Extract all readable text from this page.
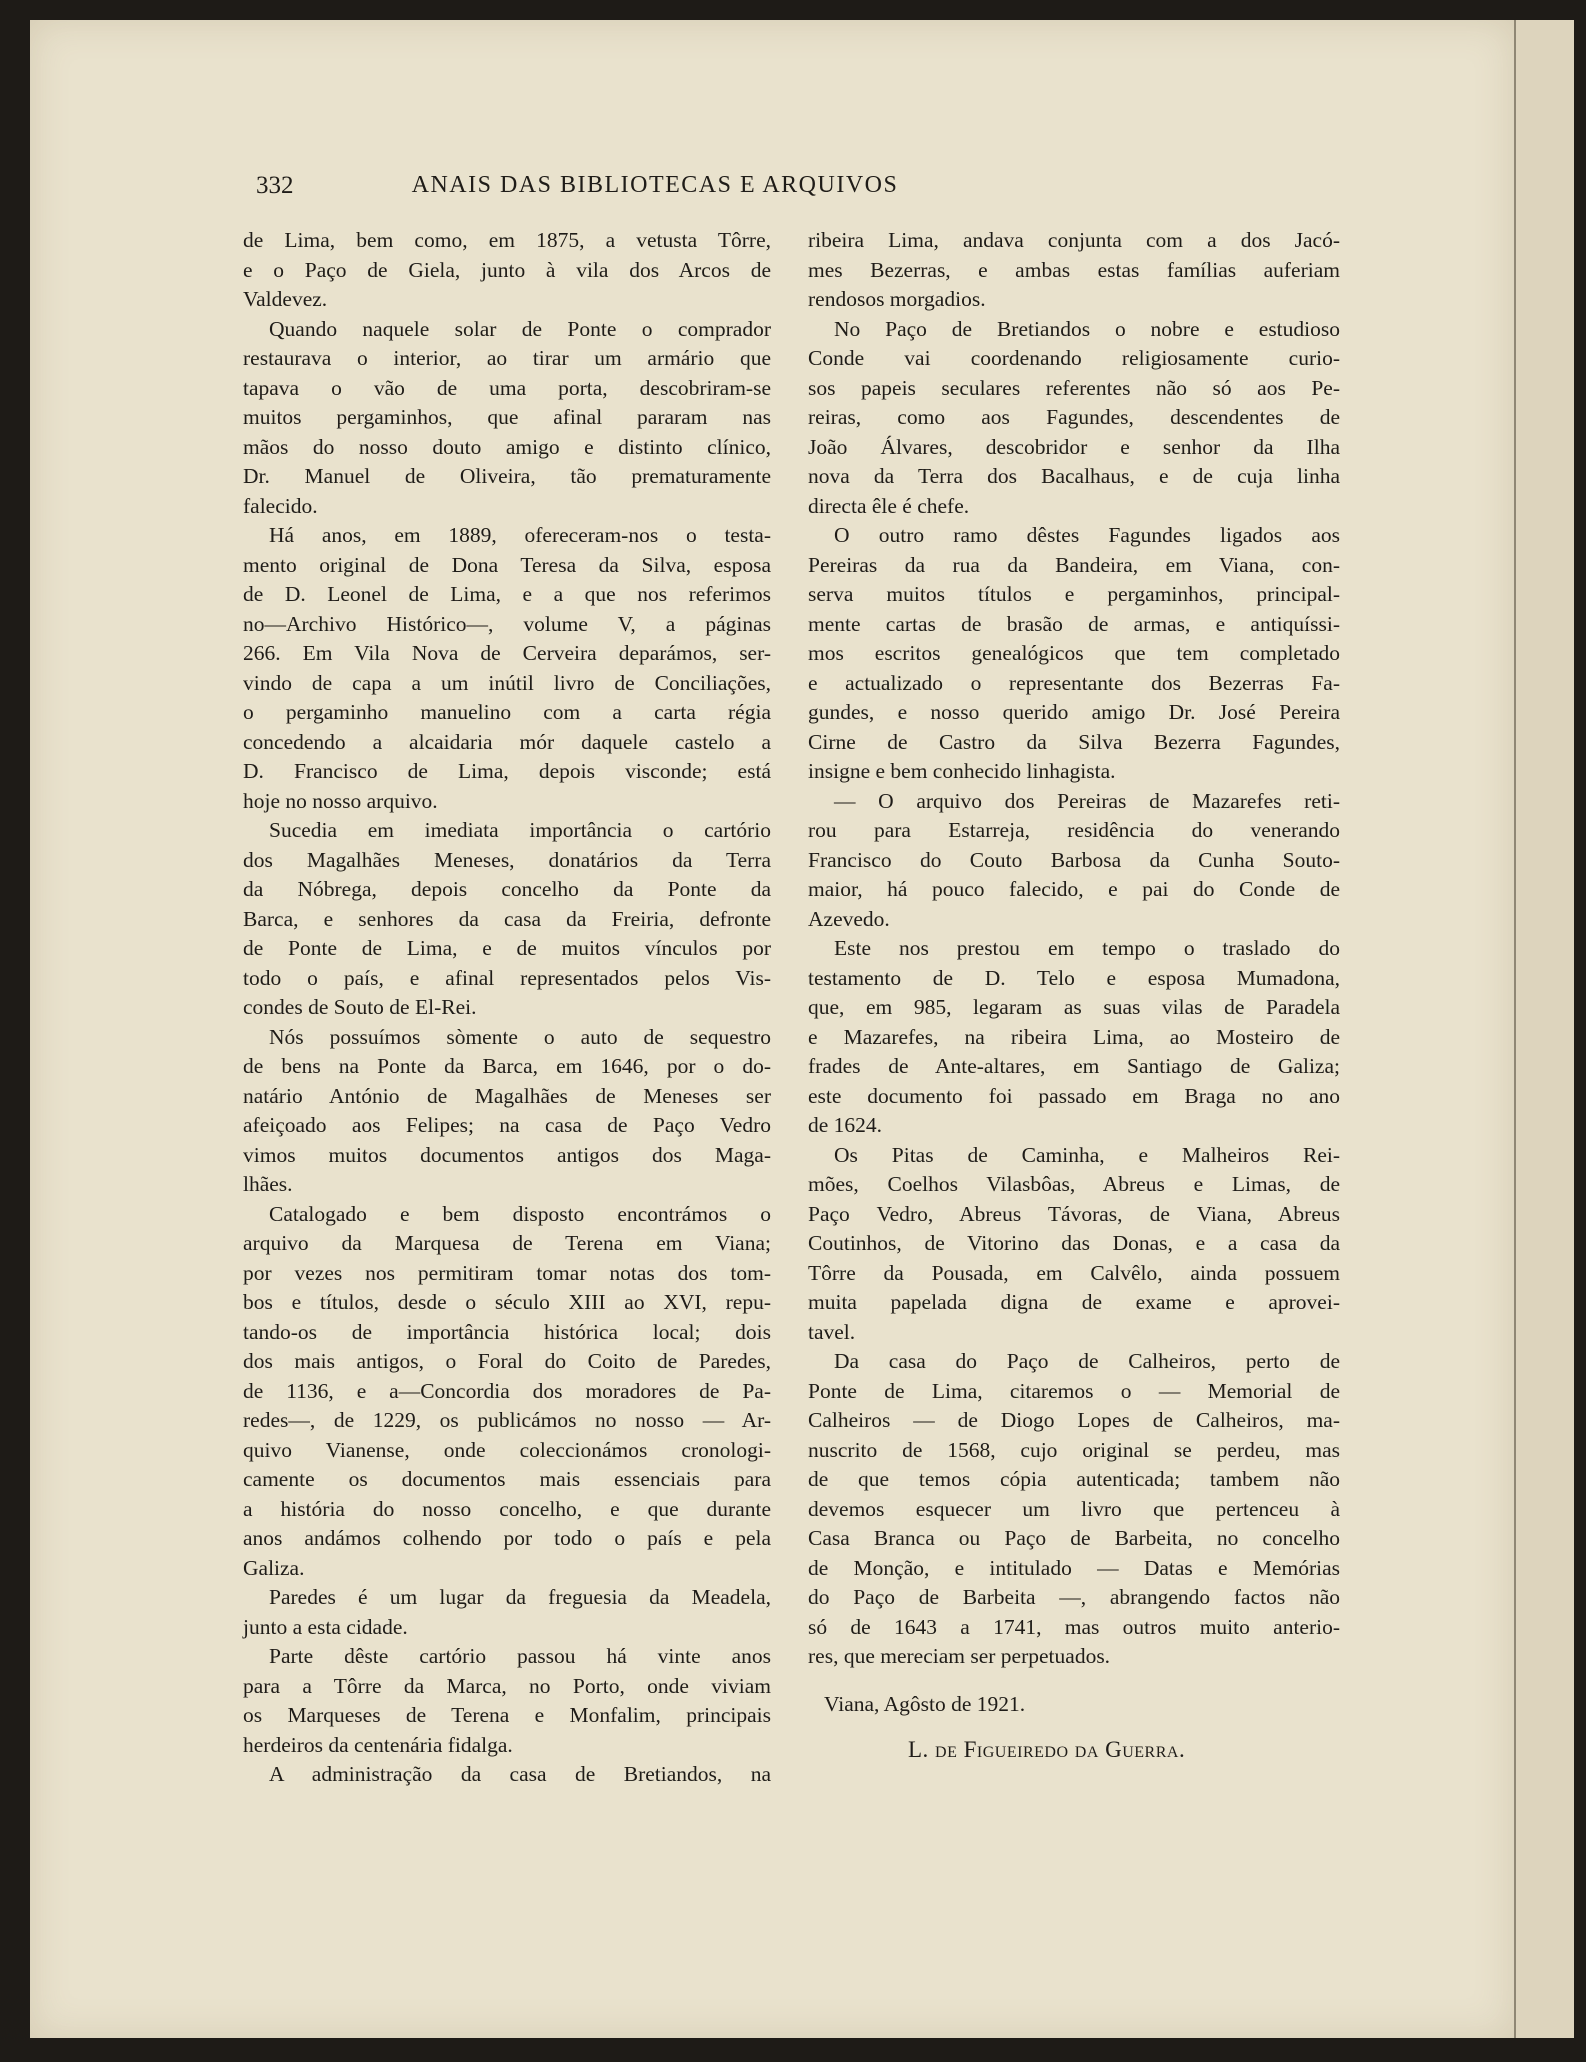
332	ANAIS DAS BIBLIOTECAS E ARQUIVOS
de Lima, bem como, em 1875, a vetusta Tôrre,
e o Paço de Giela, junto à vila dos Arcos de
Valdevez.
Quando naquele solar de Ponte o comprador
restaurava o interior, ao tirar um armário que
tapava o vão de uma porta, descobriram-se
muitos pergaminhos, que afinal pararam nas
mãos do nosso douto amigo e distinto clínico,
Dr. Manuel de Oliveira, tão prematuramente
falecido.
Há anos, em 1889, ofereceram-nos o testa-
mento original de Dona Teresa da Silva, esposa
de D. Leonel de Lima, e a que nos referimos
no—Archivo Histórico—, volume V, a páginas
266. Em Vila Nova de Cerveira deparámos, ser-
vindo de capa a um inútil livro de Conciliações,
o pergaminho manuelino com a carta régia
concedendo a alcaidaria mór daquele castelo a
D. Francisco de Lima, depois visconde; está
hoje no nosso arquivo.
Sucedia em imediata importância o cartório
dos Magalhães Meneses, donatários da Terra
da Nóbrega, depois concelho da Ponte da
Barca, e senhores da casa da Freiria, defronte
de Ponte de Lima, e de muitos vínculos por
todo o país, e afinal representados pelos Vis-
condes de Souto de El-Rei.
Nós possuímos sòmente o auto de sequestro
de bens na Ponte da Barca, em 1646, por o do-
natário António de Magalhães de Meneses ser
afeiçoado aos Felipes; na casa de Paço Vedro
vimos muitos documentos antigos dos Maga-
lhães.
Catalogado e bem disposto encontrámos o
arquivo da Marquesa de Terena em Viana;
por vezes nos permitiram tomar notas dos tom-
bos e títulos, desde o século XIII ao XVI, repu-
tando-os de importância histórica local; dois
dos mais antigos, o Foral do Coito de Paredes,
de 1136, e a—Concordia dos moradores de Pa-
redes—, de 1229, os publicámos no nosso — Ar-
quivo Vianense, onde coleccionámos cronologi-
camente os documentos mais essenciais para
a história do nosso concelho, e que durante
anos andámos colhendo por todo o país e pela
Galiza.
Paredes é um lugar da freguesia da Meadela,
junto a esta cidade.
Parte dêste cartório passou há vinte anos
para a Tôrre da Marca, no Porto, onde viviam
os Marqueses de Terena e Monfalim, principais
herdeiros da centenária fidalga.
A administração da casa de Bretiandos, na
ribeira Lima, andava conjunta com a dos Jacó-
mes Bezerras, e ambas estas famílias auferiam
rendosos morgadios.
No Paço de Bretiandos o nobre e estudioso
Conde vai coordenando religiosamente curio-
sos papeis seculares referentes não só aos Pe-
reiras, como aos Fagundes, descendentes de
João Álvares, descobridor e senhor da Ilha
nova da Terra dos Bacalhaus, e de cuja linha
directa êle é chefe.
O outro ramo dêstes Fagundes ligados aos
Pereiras da rua da Bandeira, em Viana, con-
serva muitos títulos e pergaminhos, principal-
mente cartas de brasão de armas, e antiquíssi-
mos escritos genealógicos que tem completado
e actualizado o representante dos Bezerras Fa-
gundes, e nosso querido amigo Dr. José Pereira
Cirne de Castro da Silva Bezerra Fagundes,
insigne e bem conhecido linhagista.
— O arquivo dos Pereiras de Mazarefes reti-
rou para Estarreja, residência do venerando
Francisco do Couto Barbosa da Cunha Souto-
maior, há pouco falecido, e pai do Conde de
Azevedo.
Este nos prestou em tempo o traslado do
testamento de D. Telo e esposa Mumadona,
que, em 985, legaram as suas vilas de Paradela
e Mazarefes, na ribeira Lima, ao Mosteiro de
frades de Ante-altares, em Santiago de Galiza;
este documento foi passado em Braga no ano
de 1624.
Os Pitas de Caminha, e Malheiros Rei-
mões, Coelhos Vilasbôas, Abreus e Limas, de
Paço Vedro, Abreus Távoras, de Viana, Abreus
Coutinhos, de Vitorino das Donas, e a casa da
Tôrre da Pousada, em Calvêlo, ainda possuem
muita papelada digna de exame e aprovei-
tavel.
Da casa do Paço de Calheiros, perto de
Ponte de Lima, citaremos o — Memorial de
Calheiros — de Diogo Lopes de Calheiros, ma-
nuscrito de 1568, cujo original se perdeu, mas
de que temos cópia autenticada; tambem não
devemos esquecer um livro que pertenceu à
Casa Branca ou Paço de Barbeita, no concelho
de Monção, e intitulado — Datas e Memórias
do Paço de Barbeita —, abrangendo factos não
só de 1643 a 1741, mas outros muito anterio-
res, que mereciam ser perpetuados.
Viana, Agôsto de 1921.
L. de Figueiredo da Guerra.
